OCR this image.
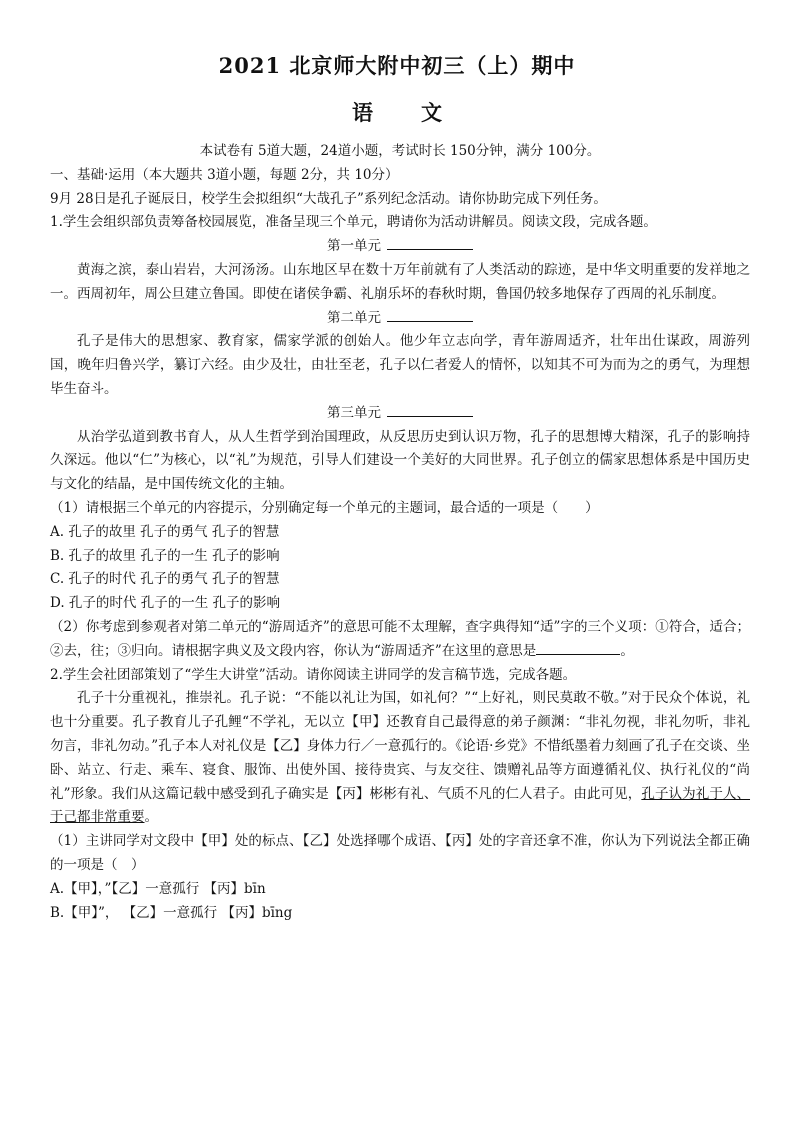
2021 北京师大附中初三（上）期中
语文

本试卷有 5道大题，24道小题，考试时长 150分钟，满分 100分。

一、基础·运用（本大题共 3道小题，每题 2分，共 10分）

9月 28日是孔子诞辰日，校学生会拟组织“大哉孔子”系列纪念活动。请你协助完成下列任务。

1.学生会组织部负责筹备校园展览，准备呈现三个单元，聘请你为活动讲解员。阅读文段，完成各题。

第一单元

黄海之滨，泰山岩岩，大河汤汤。山东地区早在数十万年前就有了人类活动的踪迹，是中华文明重要的发祥地之一。西周初年，周公旦建立鲁国。即使在诸侯争霸、礼崩乐坏的春秋时期，鲁国仍较多地保存了西周的礼乐制度。

第二单元

孔子是伟大的思想家、教育家，儒家学派的创始人。他少年立志向学，青年游周适齐，壮年出仕谋政，周游列国，晚年归鲁兴学，纂订六经。由少及壮，由壮至老，孔子以仁者爱人的情怀，以知其不可为而为之的勇气，为理想毕生奋斗。

第三单元

从治学弘道到教书育人，从人生哲学到治国理政，从反思历史到认识万物，孔子的思想博大精深，孔子的影响持久深远。他以“仁”为核心，以“礼”为规范，引导人们建设一个美好的大同世界。孔子创立的儒家思想体系是中国历史与文化的结晶，是中国传统文化的主轴。

（1）请根据三个单元的内容提示，分别确定每一个单元的主题词，最合适的一项是（　　）

A. 孔子的故里 孔子的勇气 孔子的智慧

B. 孔子的故里 孔子的一生 孔子的影响

C. 孔子的时代 孔子的勇气 孔子的智慧

D. 孔子的时代 孔子的一生 孔子的影响

（2）你考虑到参观者对第二单元的“游周适齐”的意思可能不太理解，查字典得知“适”字的三个义项：①符合，适合；②去，往；③归向。请根据字典义及文段内容，你认为“游周适齐”在这里的意思是	。

2.学生会社团部策划了“学生大讲堂”活动。请你阅读主讲同学的发言稿节选，完成各题。

孔子十分重视礼，推崇礼。孔子说：“不能以礼让为国，如礼何？”“上好礼，则民莫敢不敬。”对于民众个体说，礼也十分重要。孔子教育儿子孔鲤“不学礼，无以立【甲】还教育自己最得意的弟子颜渊：“非礼勿视，非礼勿听，非礼勿言，非礼勿动。”孔子本人对礼仪是【乙】身体力行／一意孤行的。《论语·乡党》不惜纸墨着力刻画了孔子在交谈、坐卧、站立、行走、乘车、寝食、服饰、出使外国、接待贵宾、与友交往、馈赠礼品等方面遵循礼仪、执行礼仪的“尚礼”形象。我们从这篇记载中感受到孔子确实是【丙】彬彬有礼、气质不凡的仁人君子。由此可见，孔子认为礼于人、于己都非常重要。

（1）主讲同学对文段中【甲】处的标点、【乙】处选择哪个成语、【丙】处的字音还拿不准，你认为下列说法全都正确的一项是（　）

A.【甲】，”【乙】一意孤行 【丙】bīn

B.【甲】”， 【乙】一意孤行 【丙】bīng
